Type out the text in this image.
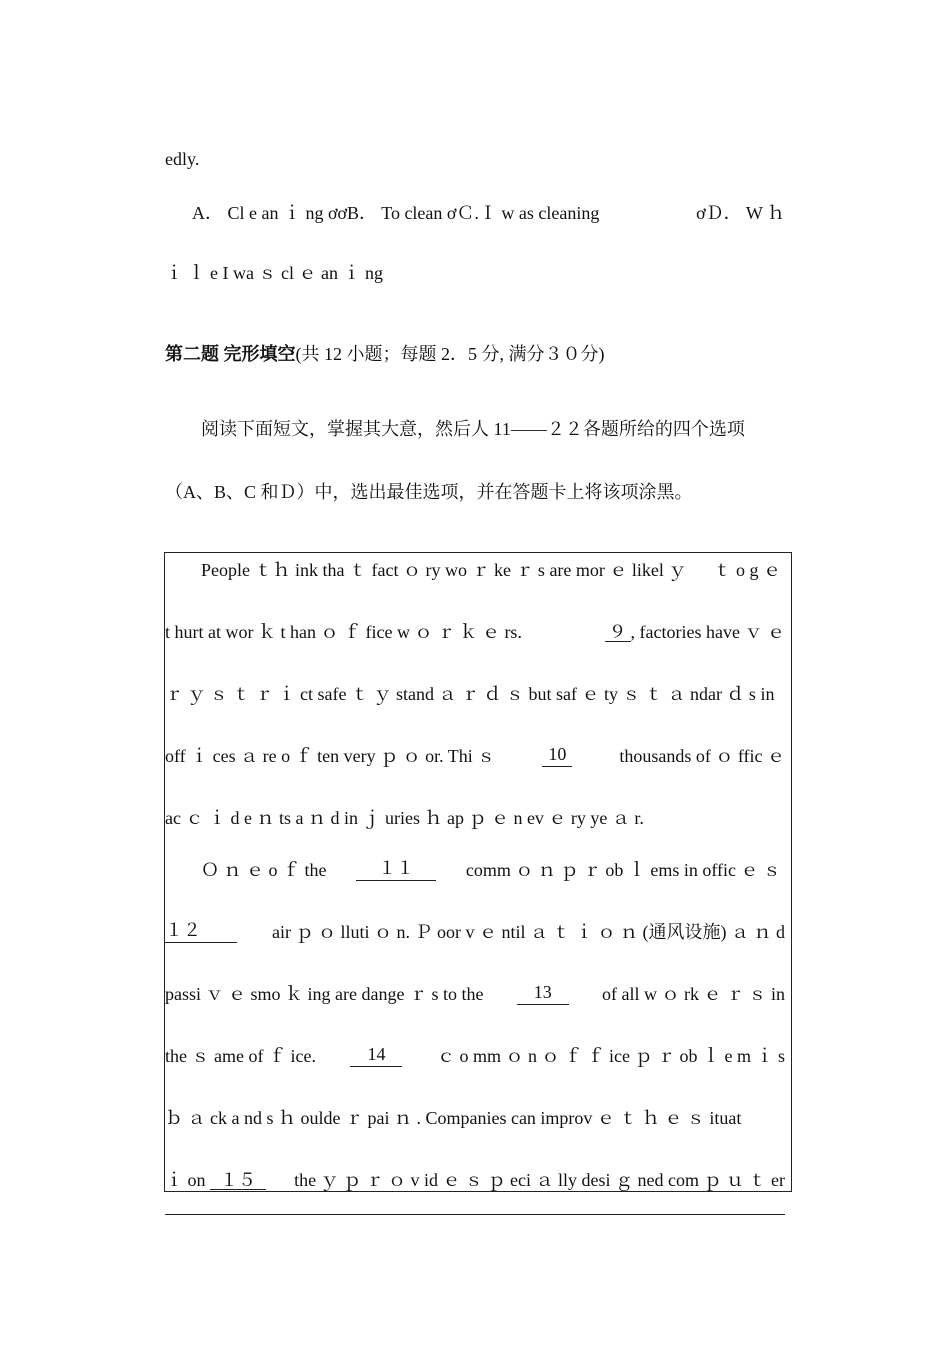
edly.
A． Cl e an ｉ ng ơơB． To clean ơＣ.Ｉ w as cleaning	ơＤ． W ｈ
ｉ ｌ e I wa ｓ cl ｅ an ｉ ng
第二题 完形填空(共 12 小题；每题 2．5 分, 满分３０分)
阅读下面短文，掌握其大意，然后人 11——２２各题所给的四个选项
（A、B、C 和Ｄ）中，选出最佳选项，并在答题卡上将该项涂黑。
People ｔｈ ink tha ｔ fact ｏ ry wo ｒ ke ｒ s are mor ｅ likel ｙ ｔ o g ｅ
t hurt at wor ｋ t han ｏ ｆ fice w ｏ ｒ ｋ ｅ rs.	９ , factories have ｖ ｅ
ｒ ｙ ｓ ｔ ｒ ｉ ct safe ｔ ｙ stand ａ ｒ ｄ ｓ but saf ｅ ty ｓ ｔ ａ ndar ｄ s in
off ｉ ces ａ re o ｆ ten very ｐ ｏ or. Thi ｓ	10	thousands of ｏ ffic ｅ
ac ｃ ｉ d e ｎ ts a ｎ d in ｊ uries ｈ ap ｐ ｅ n ev ｅ ry ye ａ r.
Ｏ ｎ ｅ o ｆ the	１１	comm ｏ ｎ ｐ ｒ ob ｌ ems in offic ｅ ｓ
１２	air ｐ ｏ lluti ｏ n. Ｐ oor v ｅ ntil ａ ｔ ｉ ｏ ｎ (通风设施) ａ ｎ d
passi ｖ ｅ smo ｋ ing are dange ｒ s to the	13	of all w ｏ rk ｅ ｒ ｓ in
the ｓ ame of ｆ ice.	14	ｃ o mm ｏ n ｏ ｆ ｆ ice ｐ ｒ ob ｌ e m ｉ s
ｂ ａ ck a nd s ｈ oulde ｒ pai ｎ . Companies can improv ｅ ｔ ｈ ｅ ｓ ituat
ｉ on １５	the ｙ ｐ ｒ ｏ v id ｅ ｓ ｐ eci ａ lly desi ｇ ned com ｐ ｕ ｔ er
